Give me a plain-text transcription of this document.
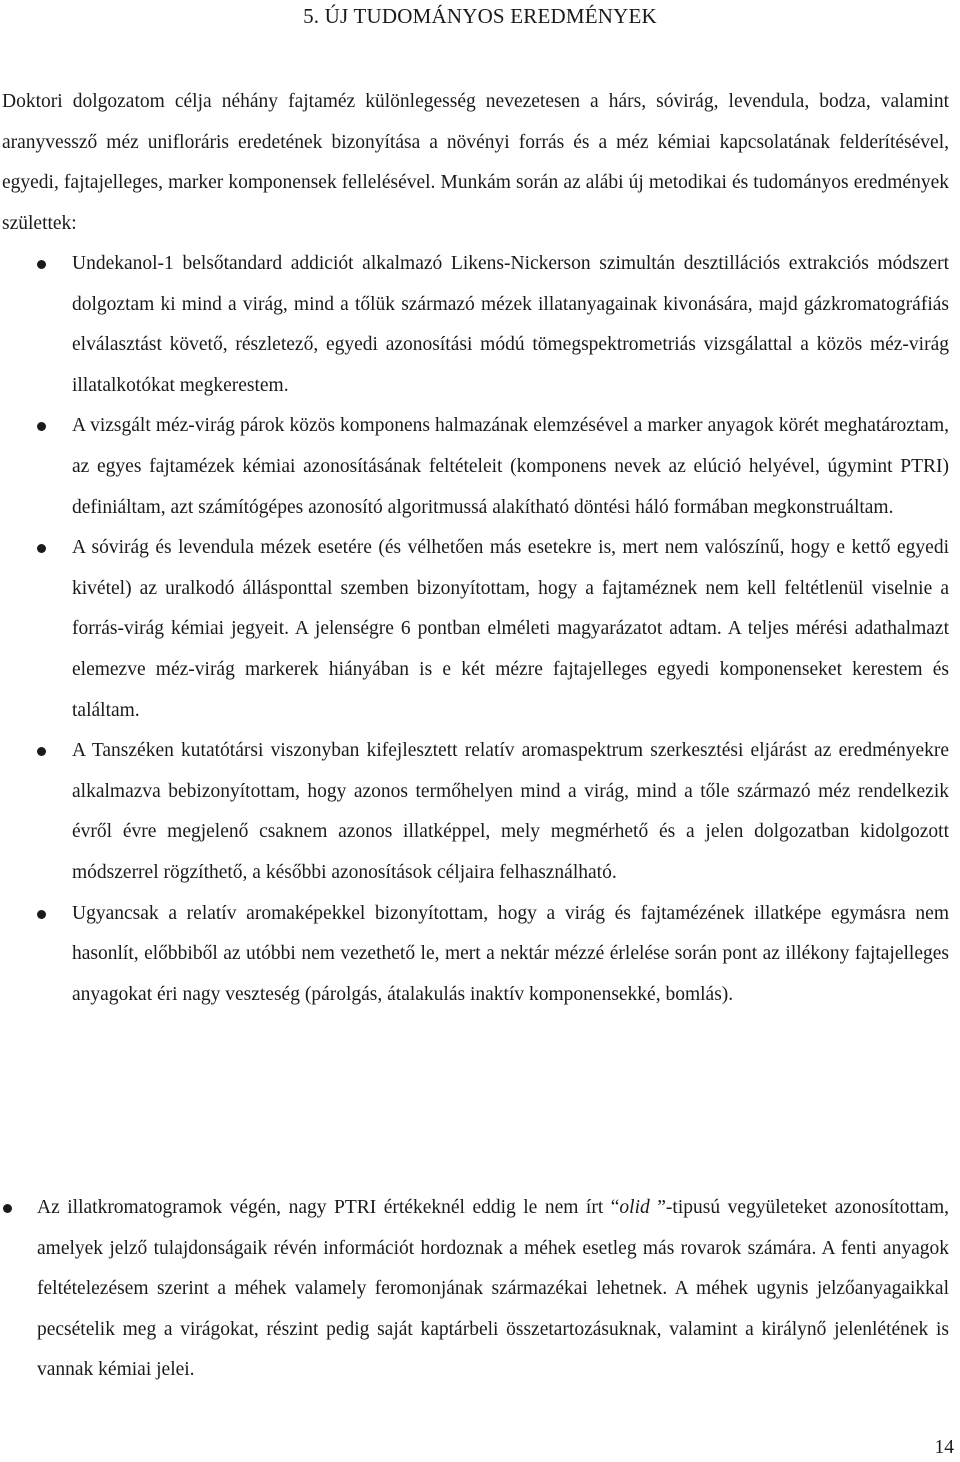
5. ÚJ TUDOMÁNYOS EREDMÉNYEK

Doktori dolgozatom célja néhány fajtaméz különlegesség nevezetesen a hárs, sóvirág, levendula, bodza, valamint aranyvessző méz unifloráris eredetének bizonyítása a növényi forrás és a méz kémiai kapcsolatának felderítésével, egyedi, fajtajelleges, marker komponensek fellelésével. Munkám során az alábi új metodikai és tudományos eredmények születtek:

Undekanol-1 belsőtandard addiciót alkalmazó Likens-Nickerson szimultán desztillációs extrakciós módszert dolgoztam ki mind a virág, mind a tőlük származó mézek illatanyagainak kivonására, majd gázkromatográfiás elválasztást követő, részletező, egyedi azonosítási módú tömegspektrometriás vizsgálattal a közös méz-virág illatalkotókat megkerestem.
A vizsgált méz-virág párok közös komponens halmazának elemzésével a marker anyagok körét meghatároztam, az egyes fajtamézek kémiai azonosításának feltételeit (komponens nevek az elúció helyével, úgymint PTRI) definiáltam, azt számítógépes azonosító algoritmussá alakítható döntési háló formában megkonstruáltam.
A sóvirág és levendula mézek esetére (és vélhetően más esetekre is, mert nem valószínű, hogy e kettő egyedi kivétel) az uralkodó állásponttal szemben bizonyítottam, hogy a fajtaméznek nem kell feltétlenül viselnie a forrás-virág kémiai jegyeit. A jelenségre 6 pontban elméleti magyarázatot adtam. A teljes mérési adathalmazt elemezve méz-virág markerek hiányában is e két mézre fajtajelleges egyedi komponenseket kerestem és találtam.
A Tanszéken kutatótársi viszonyban kifejlesztett relatív aromaspektrum szerkesztési eljárást az eredményekre alkalmazva bebizonyítottam, hogy azonos termőhelyen mind a virág, mind a tőle származó méz rendelkezik évről évre megjelenő csaknem azonos illatképpel, mely megmérhető és a jelen dolgozatban kidolgozott módszerrel rögzíthető, a későbbi azonosítások céljaira felhasználható.
Ugyancsak a relatív aromaképekkel bizonyítottam, hogy a virág és fajtamézének illatképe egymásra nem hasonlít, előbbiből az utóbbi nem vezethető le, mert a nektár mézzé érlelése során pont az illékony fajtajelleges anyagokat éri nagy veszteség (párolgás, átalakulás inaktív komponensekké, bomlás).
Az illatkromatogramok végén, nagy PTRI értékeknél eddig le nem írt “olid ”-tipusú vegyületeket azonosítottam, amelyek jelző tulajdonságaik révén információt hordoznak a méhek esetleg más rovarok számára. A fenti anyagok feltételezésem szerint a méhek valamely feromonjának származékai lehetnek. A méhek ugynis jelzőanyagaikkal pecsételik meg a virágokat, részint pedig saját kaptárbeli összetartozásuknak, valamint a királynő jelenlétének is vannak kémiai jelei.
14
